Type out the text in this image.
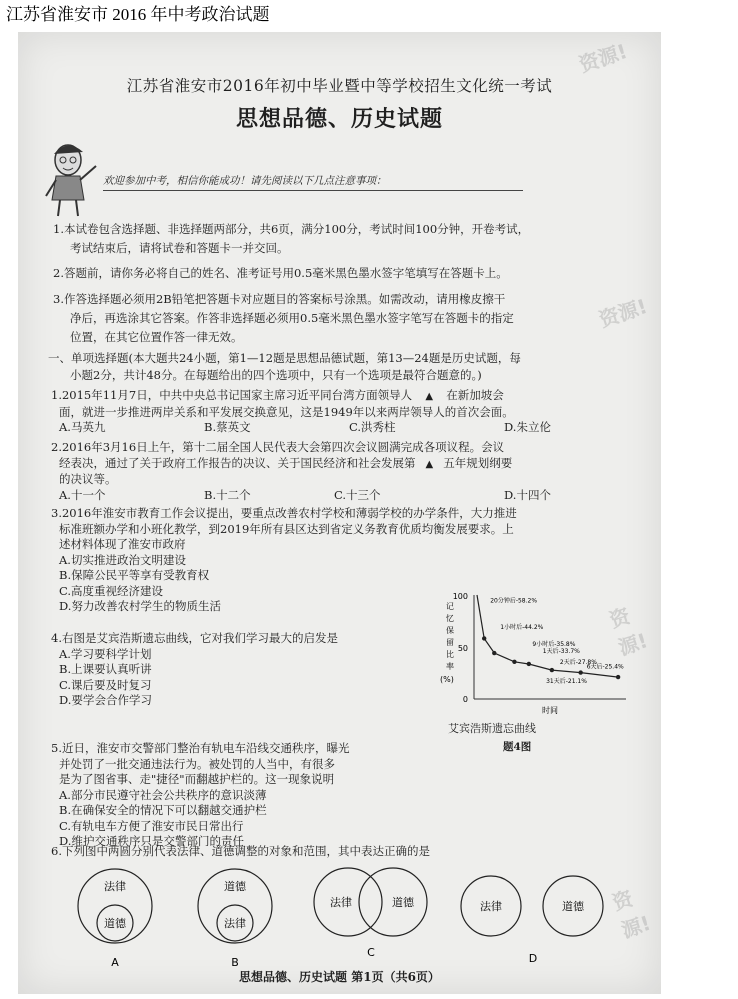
江苏省淮安市 2016 年中考政治试题
资源!
资源!
资源!
资源!
江苏省淮安市2016年初中毕业暨中等学校招生文化统一考试
思想品德、历史试题
欢迎参加中考，相信你能成功！请先阅读以下几点注意事项：
1.本试卷包含选择题、非选择题两部分，共6页，满分100分，考试时间100分钟，开卷考试，
考试结束后，请将试卷和答题卡一并交回。
2.答题前，请你务必将自己的姓名、准考证号用0.5毫米黑色墨水签字笔填写在答题卡上。
3.作答选择题必须用2B铅笔把答题卡对应题目的答案标号涂黑。如需改动，请用橡皮擦干
净后，再选涂其它答案。作答非选择题必须用0.5毫米黑色墨水签字笔写在答题卡的指定
位置，在其它位置作答一律无效。
一、单项选择题(本大题共24小题，第1—12题是思想品德试题，第13—24题是历史试题，每
小题2分，共计48分。在每题给出的四个选项中，只有一个选项是最符合题意的。)
1.2015年11月7日，中共中央总书记国家主席习近平同台湾方面领导人    ▲    在新加坡会
面，就进一步推进两岸关系和平发展交换意见，这是1949年以来两岸领导人的首次会面。
A.马英九	B.蔡英文	C.洪秀柱	D.朱立伦
2.2016年3月16日上午，第十二届全国人民代表大会第四次会议圆满完成各项议程。会议
经表决，通过了关于政府工作报告的决议、关于国民经济和社会发展第   ▲   五年规划纲要
的决议等。
A.十一个	B.十二个	C.十三个	D.十四个
3.2016年淮安市教育工作会议提出，要重点改善农村学校和薄弱学校的办学条件，大力推进
标准班额办学和小班化教学，到2019年所有县区达到省定义务教育优质均衡发展要求。上
述材料体现了淮安市政府
A.切实推进政治文明建设
B.保障公民平等享有受教育权
C.高度重视经济建设
D.努力改善农村学生的物质生活
4.右图是艾宾浩斯遗忘曲线，它对我们学习最大的启发是
A.学习要科学计划
B.上课要认真听讲
C.课后要及时复习
D.要学会合作学习
100
50
0
记
忆
保
留
比
率
(%)
时间
20分钟后-58.2%
1小时后-44.2%
9小时后-35.8%
1天后-33.7%
2天后-27.8%
6天后-25.4%
31天后-21.1%
艾宾浩斯遗忘曲线
题4图
5.近日，淮安市交警部门整治有轨电车沿线交通秩序，曝光
并处罚了一批交通违法行为。被处罚的人当中，有很多
是为了图省事、走"捷径"而翻越护栏的。这一现象说明
A.部分市民遵守社会公共秩序的意识淡薄
B.在确保安全的情况下可以翻越交通护栏
C.有轨电车方便了淮安市民日常出行
D.维护交通秩序只是交警部门的责任
6.下列图中两圆分别代表法律、道德调整的对象和范围，其中表达正确的是
法律
道德
A
道德
法律
B
法律	道德
C
法律	道德
D
思想品德、历史试题 第1页（共6页）
